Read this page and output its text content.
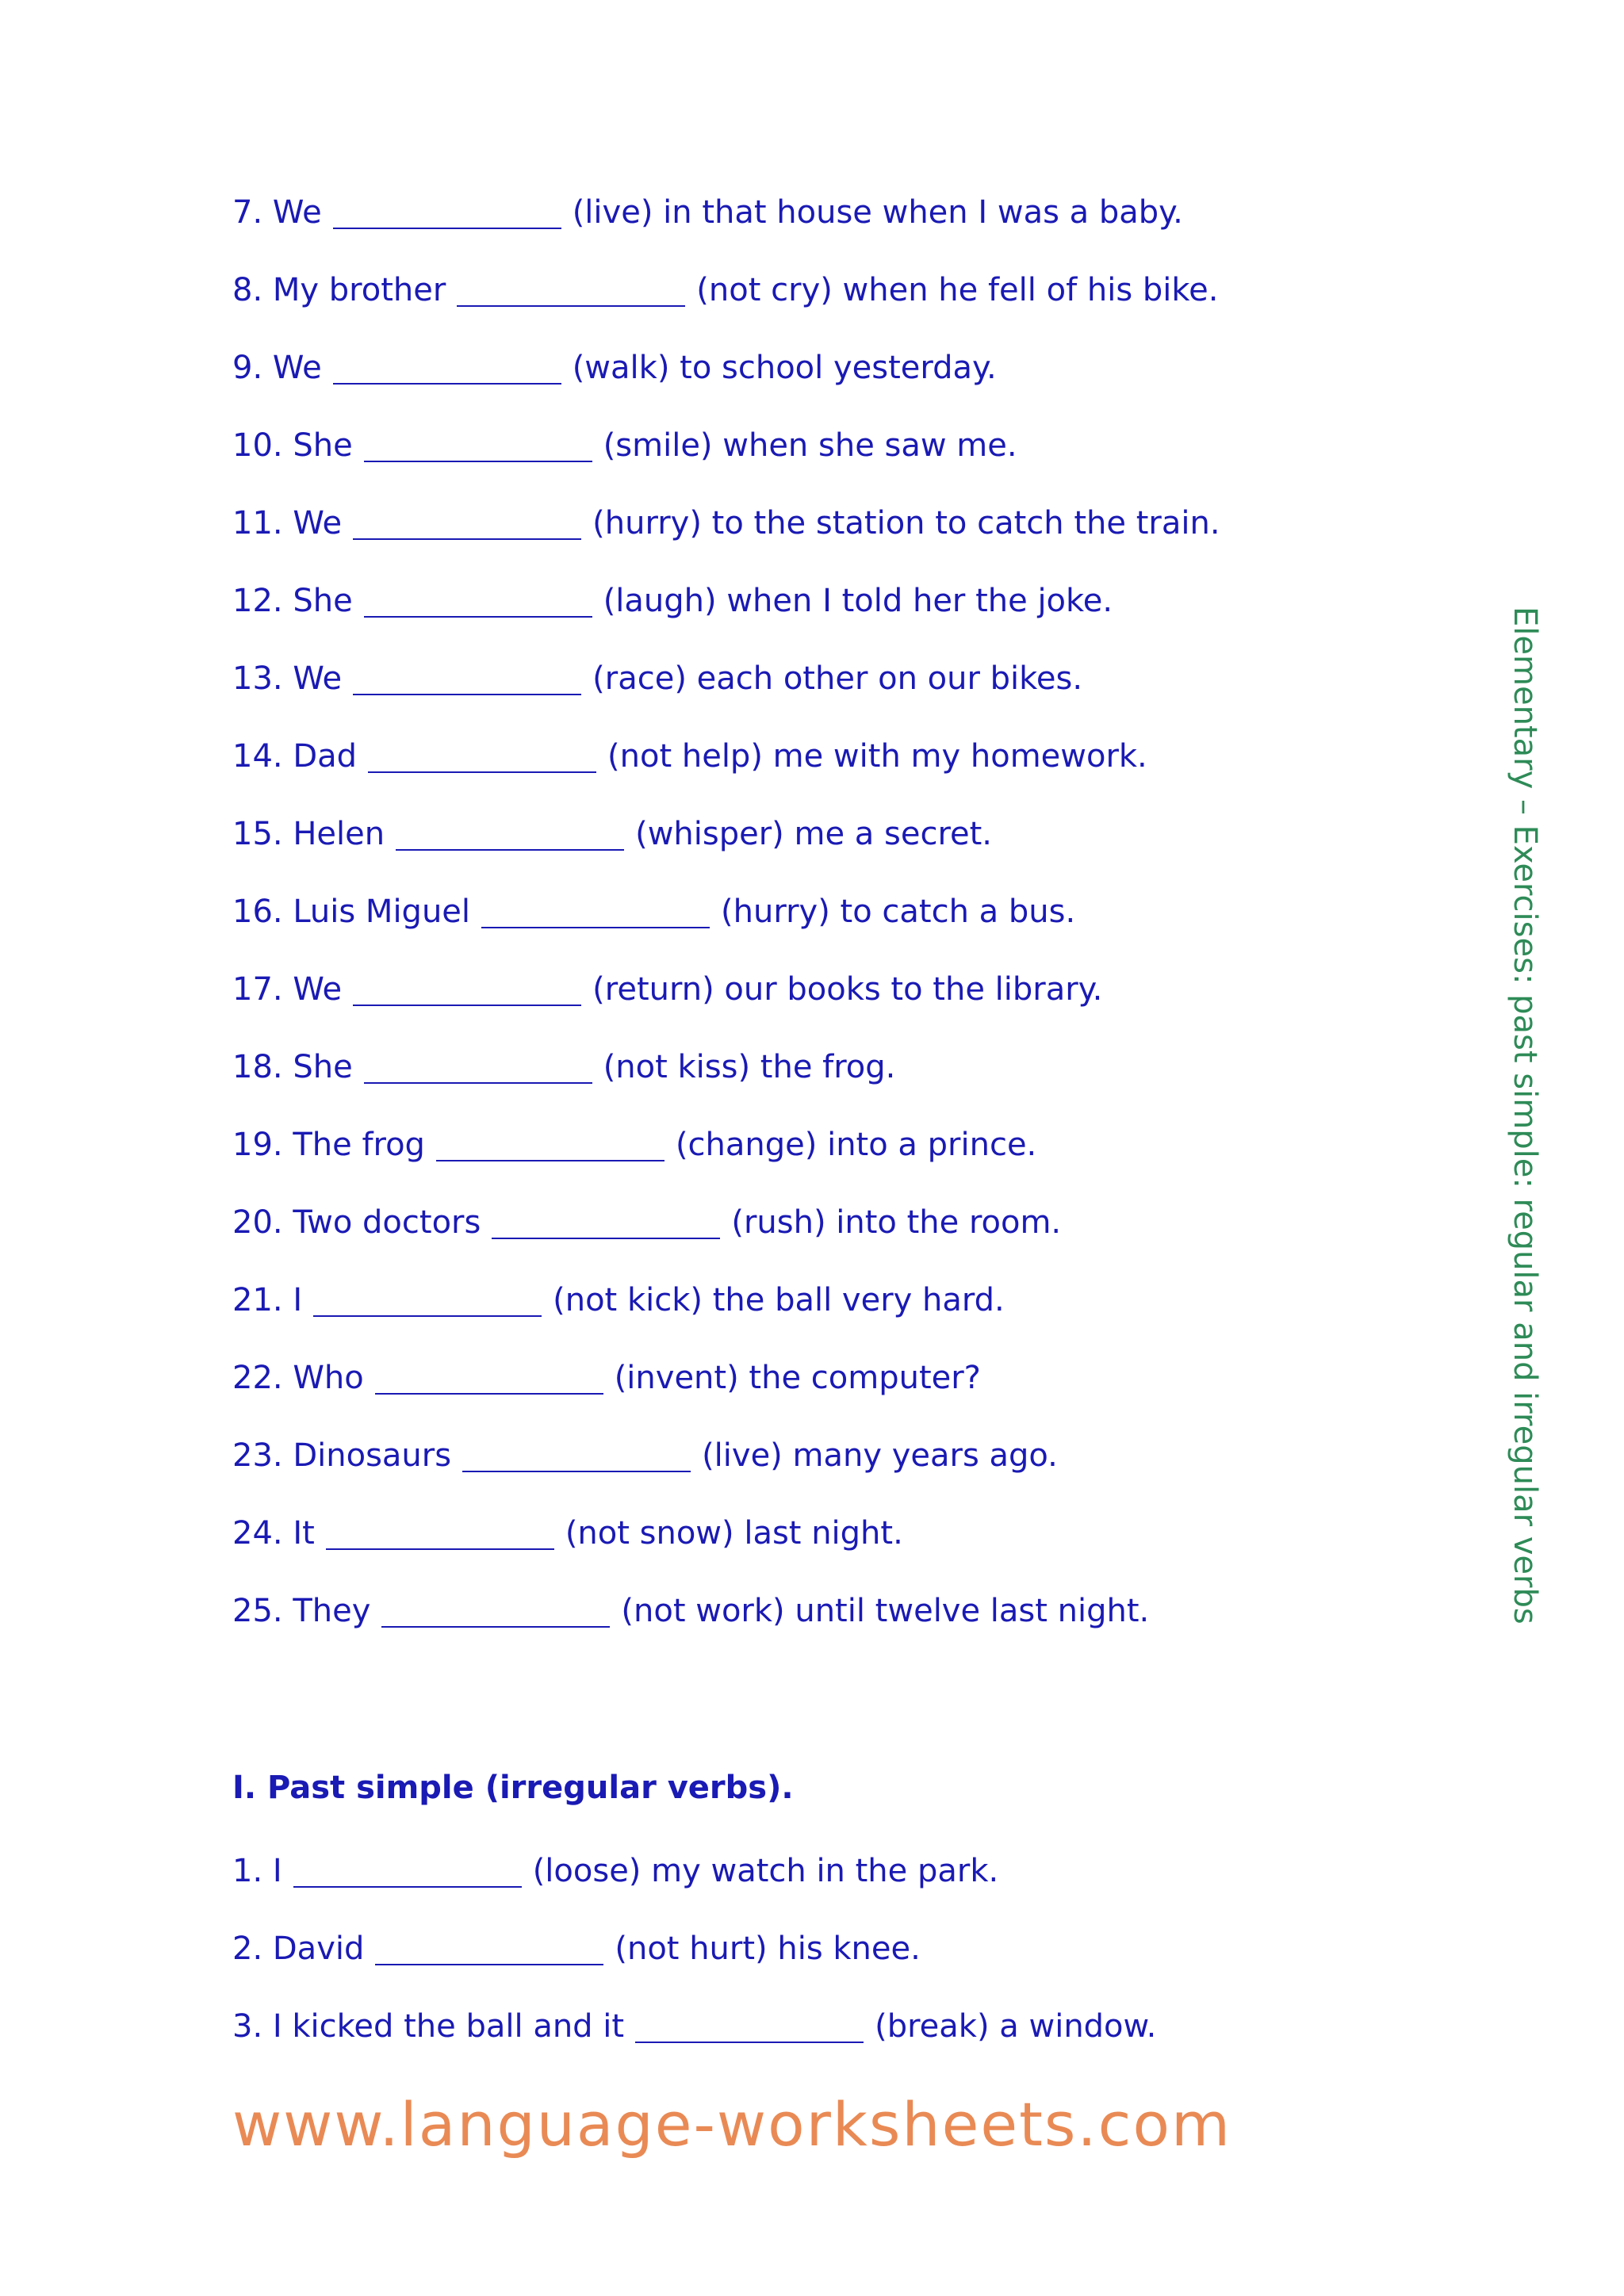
7. We	(live) in that house when I was a baby.
8. My brother	(not cry) when he fell of his bike.
9. We	(walk) to school yesterday.
10. She	(smile) when she saw me.
11. We	(hurry) to the station to catch the train.
12. She	(laugh) when I told her the joke.
13. We	(race) each other on our bikes.
14. Dad	(not help) me with my homework.
15. Helen	(whisper) me a secret.
16. Luis Miguel	(hurry) to catch a bus.
17. We	(return) our books to the library.
18. She	(not kiss) the frog.
19. The frog	(change) into a prince.
20. Two doctors	(rush) into the room.
21. I	(not kick) the ball very hard.
22. Who	(invent) the computer?
23. Dinosaurs	(live) many years ago.
24. It	(not snow) last night.
25. They	(not work) until twelve last night.
I. Past simple (irregular verbs).
1. I	(loose) my watch in the park.
2. David	(not hurt) his knee.
3. I kicked the ball and it	(break) a window.
Elementary – Exercises: past simple: regular and irregular verbs
www.language-worksheets.com
